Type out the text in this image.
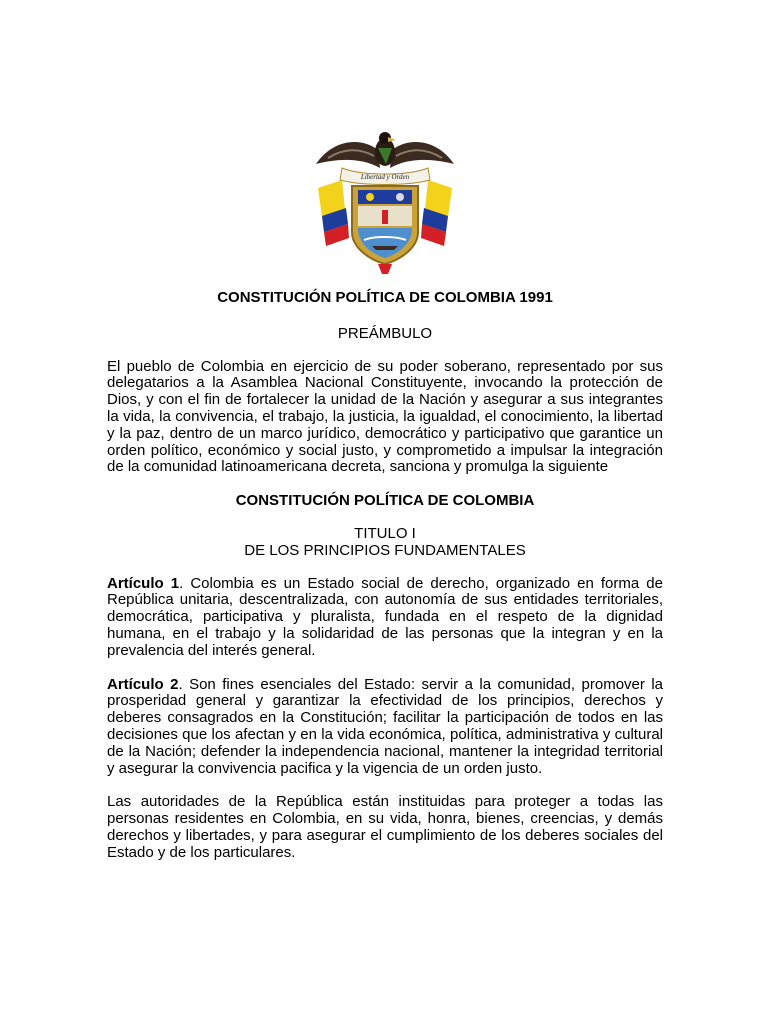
Libertad y Orden

CONSTITUCIÓN POLÍTICA DE COLOMBIA 1991

PREÁMBULO

El pueblo de Colombia en ejercicio de su poder soberano, representado por sus delegatarios a la Asamblea Nacional Constituyente, invocando la protección de Dios, y con el fin de fortalecer la unidad de la Nación y asegurar a sus integrantes la vida, la convivencia, el trabajo, la justicia, la igualdad, el conocimiento, la libertad y la paz, dentro de un marco jurídico, democrático y participativo que garantice un orden político, económico y social justo, y comprometido a impulsar la integración de la comunidad latinoamericana decreta, sanciona y promulga la siguiente

CONSTITUCIÓN POLÍTICA DE COLOMBIA

TITULO I

DE LOS PRINCIPIOS FUNDAMENTALES

Artículo 1. Colombia es un Estado social de derecho, organizado en forma de República unitaria, descentralizada, con autonomía de sus entidades territoriales, democrática, participativa y pluralista, fundada en el respeto de la dignidad humana, en el trabajo y la solidaridad de las personas que la integran y en la prevalencia del interés general.

Artículo 2. Son fines esenciales del Estado: servir a la comunidad, promover la prosperidad general y garantizar la efectividad de los principios, derechos y deberes consagrados en la Constitución; facilitar la participación de todos en las decisiones que los afectan y en la vida económica, política, administrativa y cultural de la Nación; defender la independencia nacional, mantener la integridad territorial y asegurar la convivencia pacifica y la vigencia de un orden justo.

Las autoridades de la República están instituidas para proteger a todas las personas residentes en Colombia, en su vida, honra, bienes, creencias, y demás derechos y libertades, y para asegurar el cumplimiento de los deberes sociales del Estado y de los particulares.
